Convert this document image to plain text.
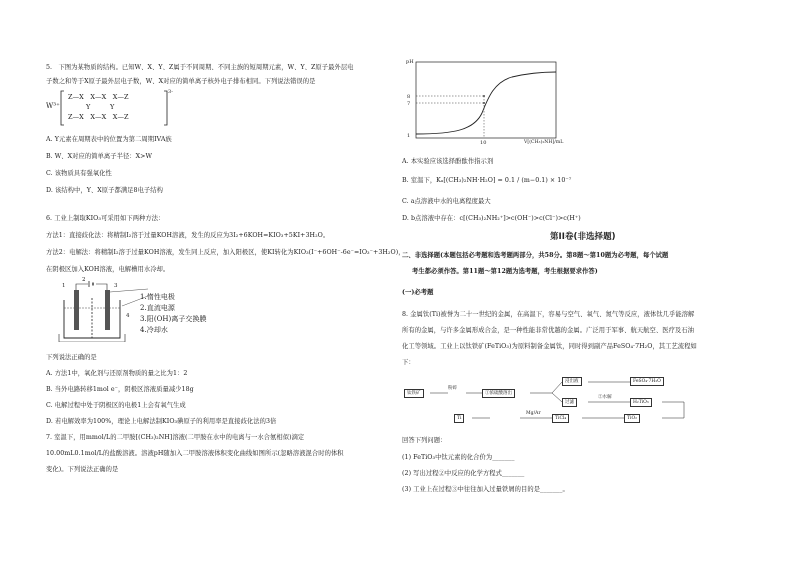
5.　下图为某物质的结构。已知W、X、Y、Z属于不同周期、不同主族的短周期元素，W、Y、Z原子最外层电
子数之和等于X原子最外层电子数，W、X对应的简单离子核外电子排布相同。下列说法错误的是
W³⁺
Z—X　X—X　X—Z
Y　　　Y
Z—X　X—X　X—Z
3-
A. Y元素在周期表中的位置为第二周期IVA族
B. W、X对应的简单离子半径：X>W
C. 该物质具有强氧化性
D. 该结构中，Y、X原子都满足8电子结构
6. 工业上制取KIO₃可采用如下两种方法：
方法1：直接歧化法：将精制I₂溶于过量KOH溶液，发生的反应为3I₂+6KOH=KIO₃+5KI+3H₂O。
方法2：电解法：将精制I₂溶于过量KOH溶液，发生同上反应，加入阳极区，使KI转化为KIO₃(I⁻+6OH⁻-6e⁻=IO₃⁻+3H₂O)，
在阴极区加入KOH溶液，电解槽用水冷却。
1
2
3
4
1.惰性电极
2.直流电源
3.阳(OH)离子交换膜
4.冷却水
下列说法正确的是
A. 方法1中，氧化剂与还原剂物质的量之比为1：2
B. 当外电路转移1mol e⁻，阴极区溶液质量减少18g
C. 电解过程中处于阴极区的电极1上会有氧气生成
D. 若电解效率为100%，理论上电解法制KIO₃碘原子的利用率是直接歧化法的3倍
7. 室温下，用mmol/L的二甲胺[(CH₃)₂NH]溶液(二甲胺在水中的电离与一水合氨相似)滴定
10.00mL0.1mol/L的盐酸溶液。溶液pH随加入二甲胺溶液体积变化曲线如图所示(忽略溶液混合时的体积
变化)。下列说法正确的是
pH
8
7
1
10	V[(CH₃)₂NH]/mL
A. 本实验应该选择酚酞作指示剂
B. 室温下，Kₐ[(CH₃)₂NH·H₂O] = 0.1 / (m−0.1) × 10⁻⁷
C. a点溶液中水的电离程度最大
D. b点溶液中存在：c[(CH₃)₂NH₂⁺]>c(OH⁻)>c(Cl⁻)>c(H⁺)
第II卷(非选择题)
二、非选择题(本题包括必考题和选考题两部分，共58分。第8题～第10题为必考题，每个试题
考生都必须作答。第11题～第12题为选考题，考生根据要求作答)
(一)必考题
8. 金属钛(Ti)被誉为二十一世纪的金属，在高温下，容易与空气、氧气、氮气等反应，液体钛几乎能溶解
所有的金属，与许多金属形成合金，是一种性能非常优越的金属。广泛用于军事、航天航空、医疗及石油
化工等领域。工业上以钛铁矿(FeTiO₃)为原料制备金属钛，同时得到副产品FeSO₄·7H₂O，其工艺流程如
下：
钛铁矿
粉碎
①浓硫酸溶出
浸出液
过滤
FeSO₄·7H₂O
H₂TiO₃
②水解
TiO₂
TiCl₄
Mg/Ar
Ti
回答下列问题：
(1) FeTiO₃中钛元素的化合价为_______
(2) 写出过程②中反应的化学方程式_______
(3) 工业上在过程③中往往加入过量铁屑的目的是_______。
